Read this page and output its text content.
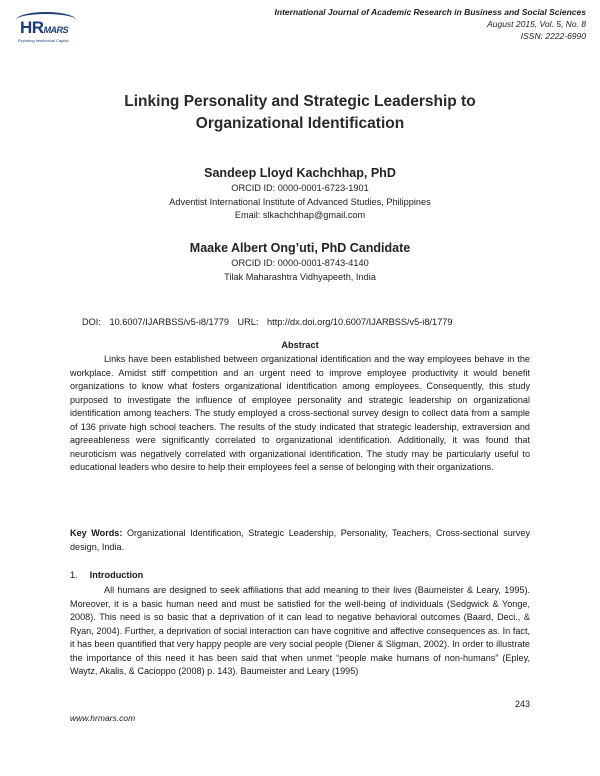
HRMARS
Exploring Intellectual Capital
International Journal of Academic Research in Business and Social Sciences
August 2015, Vol. 5, No. 8
ISSN: 2222-6990
Linking Personality and Strategic Leadership to
Organizational Identification
Sandeep Lloyd Kachchhap, PhD
ORCID ID: 0000-0001-6723-1901
Adventist International Institute of Advanced Studies, Philippines
Email: slkachchhap@gmail.com
Maake Albert Ong’uti, PhD Candidate
ORCID ID: 0000-0001-8743-4140
Tilak Maharashtra Vidhyapeeth, India
DOI: 10.6007/IJARBSS/v5-i8/1779 URL: http://dx.doi.org/10.6007/IJARBSS/v5-i8/1779
Abstract
Links have been established between organizational identification and the way employees behave in the workplace. Amidst stiff competition and an urgent need to improve employee productivity it would benefit organizations to know what fosters organizational identification among employees. Consequently, this study purposed to investigate the influence of employee personality and strategic leadership on organizational identification among teachers. The study employed a cross-sectional survey design to collect data from a sample of 136 private high school teachers. The results of the study indicated that strategic leadership, extraversion and agreeableness were significantly correlated to organizational identification. Additionally, it was found that neuroticism was negatively correlated with organizational identification. The study may be particularly useful to educational leaders who desire to help their employees feel a sense of belonging with their organizations.
Key Words: Organizational Identification, Strategic Leadership, Personality, Teachers, Cross-sectional survey design, India.
1. Introduction
All humans are designed to seek affiliations that add meaning to their lives (Baumeister & Leary, 1995). Moreover, it is a basic human need and must be satisfied for the well-being of individuals (Sedgwick & Yonge, 2008). This need is so basic that a deprivation of it can lead to negative behavioral outcomes (Baard, Deci., & Ryan, 2004). Further, a deprivation of social interaction can have cognitive and affective consequences as. In fact, it has been quantified that very happy people are very social people (Diener & Sligman, 2002). In order to illustrate the importance of this need it has been said that when unmet “people make humans of non-humans” (Epley, Waytz, Akalis, & Cacioppo (2008) p. 143). Baumeister and Leary (1995)
243
www.hrmars.com
